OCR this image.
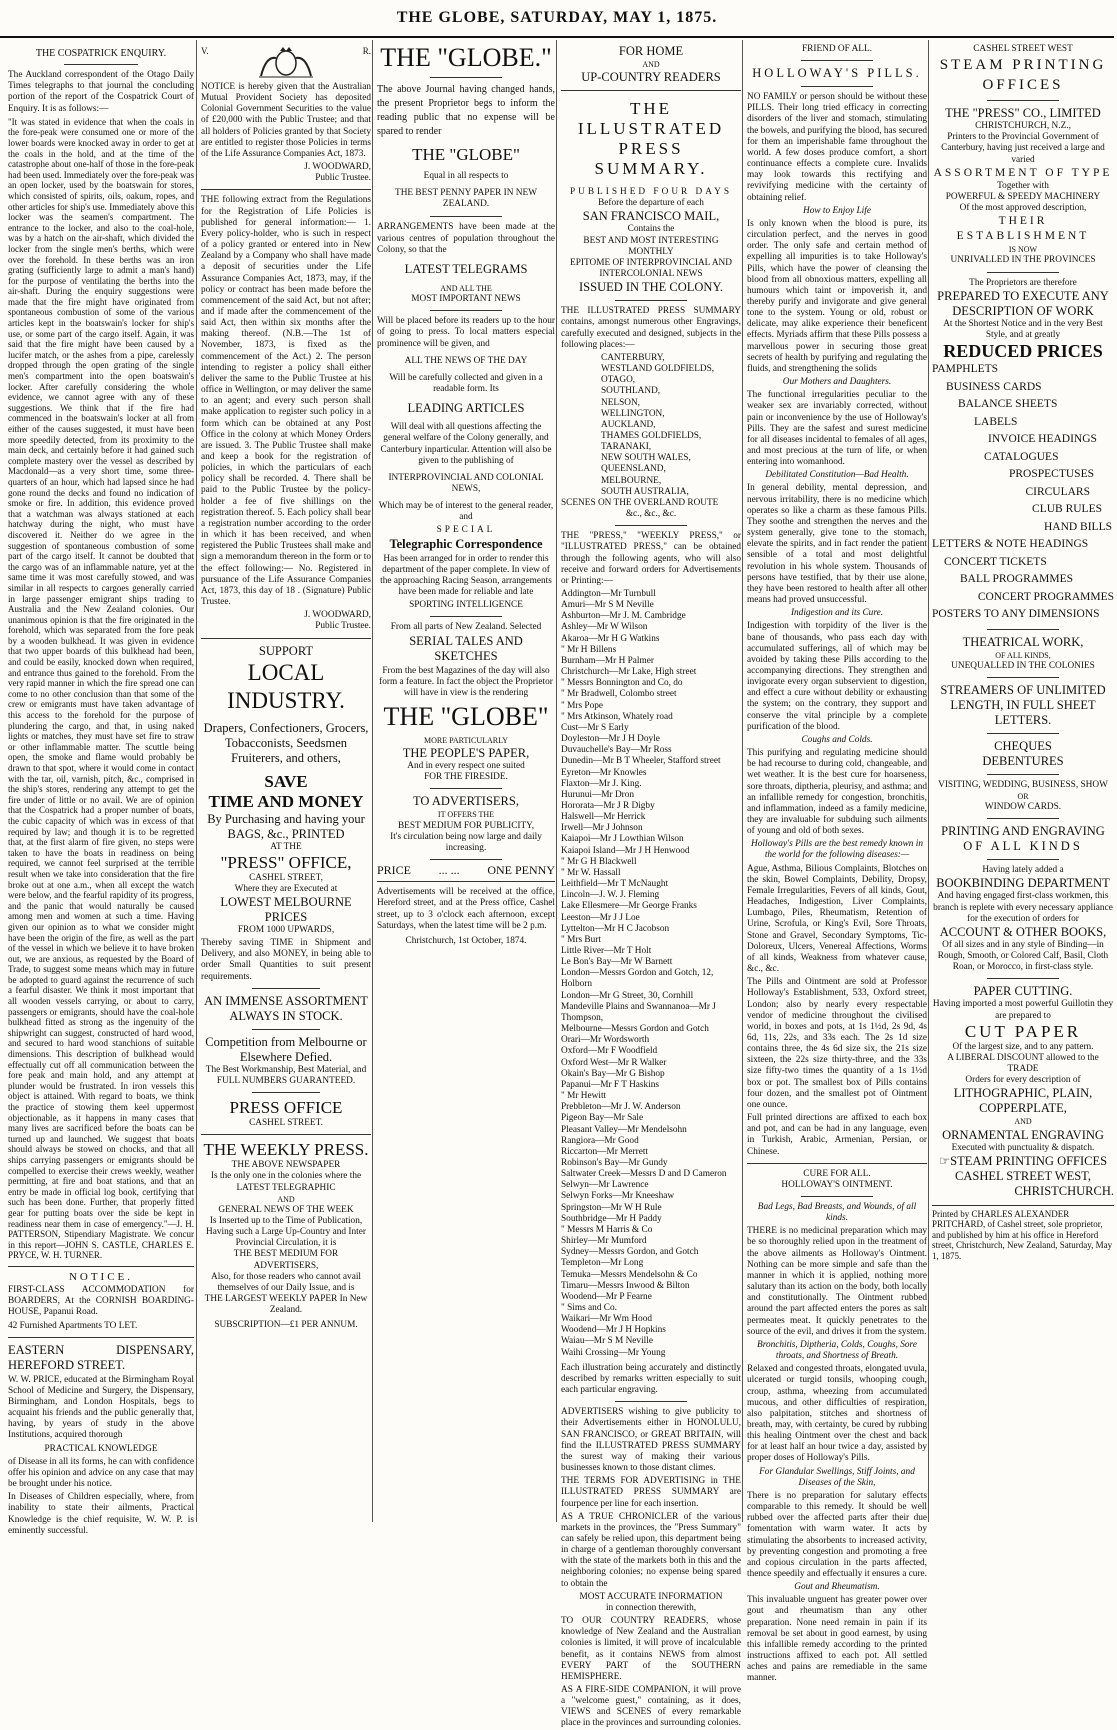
THE GLOBE, SATURDAY, MAY 1, 1875.
THE COSPATRICK ENQUIRY.

The Auckland correspondent of the Otago Daily Times telegraphs to that journal the concluding portion of the report of the Cospatrick Court of Enquiry. It is as follows:—

"It was stated in evidence that when the coals in the fore-peak were consumed one or more of the lower boards were knocked away in order to get at the coals in the hold, and at the time of the catastrophe about one-half of those in the fore-peak had been used. Immediately over the fore-peak was an open locker, used by the boatswain for stores, which consisted of spirits, oils, oakum, ropes, and other articles for ship's use. Immediately above this locker was the seamen's compartment. The entrance to the locker, and also to the coal-hole, was by a hatch on the air-shaft, which divided the locker from the single men's berths, which were over the forehold. In these berths was an iron grating (sufficiently large to admit a man's hand) for the purpose of ventilating the berths into the air-shaft. During the enquiry suggestions were made that the fire might have originated from spontaneous combustion of some of the various articles kept in the boatswain's locker for ship's use, or some part of the cargo itself. Again, it was said that the fire might have been caused by a lucifer match, or the ashes from a pipe, carelessly dropped through the open grating of the single men's compartment into the open boatswain's locker. After carefully considering the whole evidence, we cannot agree with any of these suggestions. We think that if the fire had commenced in the boatswain's locker at all from either of the causes suggested, it must have been more speedily detected, from its proximity to the main deck, and certainly before it had gained such complete mastery over the vessel as described by Macdonald—as a very short time, some three-quarters of an hour, which had lapsed since he had gone round the decks and found no indication of smoke or fire. In addition, this evidence proved that a watchman was always stationed at each hatchway during the night, who must have discovered it. Neither do we agree in the suggestion of spontaneous combustion of some part of the cargo itself. It cannot be doubted that the cargo was of an inflammable nature, yet at the same time it was most carefully stowed, and was similar in all respects to cargoes generally carried in large passenger emigrant ships trading to Australia and the New Zealand colonies. Our unanimous opinion is that the fire originated in the forehold, which was separated from the fore peak by a wooden bulkhead. It was given in evidence that two upper boards of this bulkhead had been, and could be easily, knocked down when required, and entrance thus gained to the forehold. From the very rapid manner in which the fire spread one can come to no other conclusion than that some of the crew or emigrants must have taken advantage of this access to the forehold for the purpose of plundering the cargo, and that, in using naked lights or matches, they must have set fire to straw or other inflammable matter. The scuttle being open, the smoke and flame would probably be drawn to that spot, where it would come in contact with the tar, oil, varnish, pitch, &c., comprised in the ship's stores, rendering any attempt to get the fire under of little or no avail. We are of opinion that the Cospatrick had a proper number of boats, the cubic capacity of which was in excess of that required by law; and though it is to be regretted that, at the first alarm of fire given, no steps were taken to have the boats in readiness on being required, we cannot feel surprised at the terrible result when we take into consideration that the fire broke out at one a.m., when all except the watch were below, and the fearful rapidity of its progress, and the panic that would naturally be caused among men and women at such a time. Having given our opinion as to what we consider might have been the origin of the fire, as well as the part of the vessel in which we believe it to have broken out, we are anxious, as requested by the Board of Trade, to suggest some means which may in future be adopted to guard against the recurrence of such a fearful disaster. We think it most important that all wooden vessels carrying, or about to carry, passengers or emigrants, should have the coal-hole bulkhead fitted as strong as the ingenuity of the shipwright can suggest, constructed of hard wood, and secured to hard wood stanchions of suitable dimensions. This description of bulkhead would effectually cut off all communication between the fore peak and main hold, and any attempt at plunder would be frustrated. In iron vessels this object is attained. With regard to boats, we think the practice of stowing them keel uppermost objectionable, as it happens in many cases that many lives are sacrificed before the boats can be turned up and launched. We suggest that boats should always be stowed on chocks, and that all ships carrying passengers or emigrants should be compelled to exercise their crews weekly, weather permitting, at fire and boat stations, and that an entry be made in official log book, certifying that such has been done. Further, that properly fitted gear for putting boats over the side be kept in readiness near them in case of emergency."—J. H. PATTERSON, Stipendiary Magistrate. We concur in this report—JOHN S. CASTLE, CHARLES E. PRYCE, W. H. TURNER.

NOTICE.

FIRST-CLASS ACCOMMODATION for BOARDERS, At the CORNISH BOARDING-HOUSE, Papanui Road.

42 Furnished Apartments TO LET.

EASTERN DISPENSARY, HEREFORD STREET.

W. W. PRICE, educated at the Birmingham Royal School of Medicine and Surgery, the Dispensary, Birmingham, and London Hospitals, begs to acquaint his friends and the public generally that, having, by years of study in the above Institutions, acquired thorough

PRACTICAL KNOWLEDGE

of Disease in all its forms, he can with confidence offer his opinion and advice on any case that may be brought under his notice.

In Diseases of Children especially, where, from inability to state their ailments, Practical Knowledge is the chief requisite, W. W. P. is eminently successful.

V.	R.

NOTICE is hereby given that the Australian Mutual Provident Society has deposited Colonial Government Securities to the value of £20,000 with the Public Trustee; and that all holders of Policies granted by that Society are entitled to register those Policies in terms of the Life Assurance Companies Act, 1873.

J. WOODWARD,
Public Trustee.

THE following extract from the Regulations for the Registration of Life Policies is published for general information:— 1. Every policy-holder, who is such in respect of a policy granted or entered into in New Zealand by a Company who shall have made a deposit of securities under the Life Assurance Companies Act, 1873, may, if the policy or contract has been made before the commencement of the said Act, but not after; and if made after the commencement of the said Act, then within six months after the making thereof. (N.B.—The 1st of November, 1873, is fixed as the commencement of the Act.) 2. The person intending to register a policy shall either deliver the same to the Public Trustee at his office in Wellington, or may deliver the same to an agent; and every such person shall make application to register such policy in a form which can be obtained at any Post Office in the colony at which Money Orders are issued. 3. The Public Trustee shall make and keep a book for the registration of policies, in which the particulars of each policy shall be recorded. 4. There shall be paid to the Public Trustee by the policy-holder a fee of five shillings on the registration thereof. 5. Each policy shall bear a registration number according to the order in which it has been received, and when registered the Public Trustees shall make and sign a memorandum thereon in the form or to the effect following:— No. Registered in pursuance of the Life Assurance Companies Act, 1873, this day of 18 . (Signature) Public Trustee.

J. WOODWARD,
Public Trustee.
SUPPORT
LOCAL INDUSTRY.
Drapers, Confectioners, Grocers, Tobacconists, Seedsmen Fruiterers, and others,
SAVE
TIME AND MONEY
By Purchasing and having your BAGS, &c., PRINTED
AT THE
"PRESS" OFFICE,
CASHEL STREET,
Where they are Executed at
LOWEST MELBOURNE PRICES
FROM 1000 UPWARDS,

Thereby saving TIME in Shipment and Delivery, and also MONEY, in being able to order Small Quantities to suit present requirements.

AN IMMENSE ASSORTMENT ALWAYS IN STOCK.
Competition from Melbourne or Elsewhere Defied.
The Best Workmanship, Best Material, and
FULL NUMBERS GUARANTEED.
PRESS OFFICE
CASHEL STREET.
THE WEEKLY PRESS.
THE ABOVE NEWSPAPER
Is the only one in the colonies where the
LATEST TELEGRAPHIC
AND
GENERAL NEWS OF THE WEEK
Is Inserted up to the Time of Publication,
Having such a Large Up-Country and Inter Provincial Circulation, it is
THE BEST MEDIUM FOR ADVERTISERS,
Also, for those readers who cannot avail themselves of our Daily Issue, and is
THE LARGEST WEEKLY PAPER In New Zealand.
SUBSCRIPTION—£1 PER ANNUM.
THE "GLOBE."

The above Journal having changed hands, the present Proprietor begs to inform the reading public that no expense will be spared to render

THE "GLOBE"
Equal in all respects to
THE BEST PENNY PAPER IN NEW ZEALAND.

ARRANGEMENTS have been made at the various centres of population throughout the Colony, so that the

LATEST TELEGRAMS
AND ALL THE
MOST IMPORTANT NEWS

Will be placed before its readers up to the hour of going to press. To local matters especial prominence will be given, and

ALL THE NEWS OF THE DAY

Will be carefully collected and given in a readable form. Its

LEADING ARTICLES

Will deal with all questions affecting the general welfare of the Colony generally, and Canterbury inparticular. Attention will also be given to the publishing of

INTERPROVINCIAL AND COLONIAL NEWS,

Which may be of interest to the general reader, and

SPECIAL
Telegraphic Correspondence

Has been arranged for in order to render this department of the paper complete. In view of the approaching Racing Season, arrangements have been made for reliable and late

SPORTING INTELLIGENCE
From all parts of New Zealand. Selected
SERIAL TALES AND
SKETCHES

From the best Magazines of the day will also form a feature. In fact the object the Proprietor will have in view is the rendering

THE "GLOBE"
MORE PARTICULARLY
THE PEOPLE'S PAPER,
And in every respect one suited
FOR THE FIRESIDE.
TO ADVERTISERS,
IT OFFERS THE
BEST MEDIUM FOR PUBLICITY,
It's circulation being now large and daily increasing.
PRICE ... ... ONE PENNY

Advertisements will be received at the office, Hereford street, and at the Press office, Cashel street, up to 3 o'clock each afternoon, except Saturdays, when the latest time will be 2 p.m.

Christchurch, 1st October, 1874.
FOR HOME
AND
UP-COUNTRY READERS
THE ILLUSTRATED PRESS SUMMARY.
PUBLISHED FOUR DAYS
Before the departure of each
SAN FRANCISCO MAIL,
Contains the
BEST AND MOST INTERESTING
MONTHLY
EPITOME OF INTERPROVINCIAL AND
INTERCOLONIAL NEWS
ISSUED IN THE COLONY.

THE ILLUSTRATED PRESS SUMMARY contains, amongst numerous other Engravings, carefully executed and designed, subjects in the following places:—

CANTERBURY,
WESTLAND GOLDFIELDS,
OTAGO,
SOUTHLAND,
NELSON,
WELLINGTON,
AUCKLAND,
THAMES GOLDFIELDS,
TARANAKI,
NEW SOUTH WALES,
QUEENSLAND,
MELBOURNE,
SOUTH AUSTRALIA,
SCENES ON THE OVERLAND ROUTE
&c., &c., &c.

THE "PRESS," "WEEKLY PRESS," or "ILLUSTRATED PRESS," can be obtained through the following agents, who will also receive and forward orders for Advertisements or Printing:—

Addington—Mr Turnbull
Amuri—Mr S M Neville
Ashburton—Mr J. M. Cambridge
Ashley—Mr W Wilson
Akaroa—Mr H G Watkins
" Mr H Billens
Burnham—Mr H Palmer
Christchurch—Mr Lake, High street
" Messrs Bonnington and Co, do
" Mr Bradwell, Colombo street
" Mrs Pope
" Mrs Atkinson, Whately road
Cust—Mr S Early
Doyleston—Mr J H Doyle
Duvauchelle's Bay—Mr Ross
Dunedin—Mr B T Wheeler, Stafford street
Eyreton—Mr Knowles
Flaxton—Mr J. King.
Hurunui—Mr Dron
Hororata—Mr J R Digby
Halswell—Mr Herrick
Irwell—Mr J Johnson
Kaiapoi—Mr J Lowthian Wilson
Kaiapoi Island—Mr J H Henwood
" Mr G H Blackwell
" Mr W. Hassall
Leithfield—Mr T McNaught
Lincoln—J. W. J. Fleming
Lake Ellesmere—Mr George Franks
Leeston—Mr J J Loe
Lyttelton—Mr H C Jacobson
" Mrs Burt
Little River—Mr T Holt
Le Bon's Bay—Mr W Barnett
London—Messrs Gordon and Gotch, 12, Holborn
London—Mr G Street, 30, Cornhill
Mandeville Plains and Swannanoa—Mr J Thompson,
Melbourne—Messrs Gordon and Gotch
Orari—Mr Wordsworth
Oxford—Mr F Woodfield
Oxford West—Mr R Walker
Okain's Bay—Mr G Bishop
Papanui—Mr F T Haskins
" Mr Hewitt
Prebbleton—Mr J. W. Anderson
Pigeon Bay—Mr Sale
Pleasant Valley—Mr Mendelsohn
Rangiora—Mr Good
Riccarton—Mr Merrett
Robinson's Bay—Mr Gundy
Saltwater Creek—Messrs D and D Cameron
Selwyn—Mr Lawrence
Selwyn Forks—Mr Kneeshaw
Springston—Mr W H Rule
Southbridge—Mr H Paddy
" Messrs M Harris & Co
Shirley—Mr Mumford
Sydney—Messrs Gordon, and Gotch
Templeton—Mr Long
Temuka—Messrs Mendelsohn & Co
Timaru—Messrs Inwood & Bilton
Woodend—Mr P Fearne
" Sims and Co.
Waikari—Mr Wm Hood
Woodend—Mr J H Hopkins
Waiau—Mr S M Neville
Waihi Crossing—Mr Young

Each illustration being accurately and distinctly described by remarks written especially to suit each particular engraving.

ADVERTISERS wishing to give publicity to their Advertisements either in HONOLULU, SAN FRANCISCO, or GREAT BRITAIN, will find the ILLUSTRATED PRESS SUMMARY the surest way of making their various businesses known to those distant climes.

THE TERMS FOR ADVERTISING in THE ILLUSTRATED PRESS SUMMARY are fourpence per line for each insertion.

AS A TRUE CHRONICLER of the various markets in the provinces, the "Press Summary" can safely be relied upon, this department being in charge of a gentleman thoroughly conversant with the state of the markets both in this and the neighboring colonies; no expense being spared to obtain the

MOST ACCURATE INFORMATION
in connection therewith,

TO OUR COUNTRY READERS, whose knowledge of New Zealand and the Australian colonies is limited, it will prove of incalculable benefit, as it contains NEWS from almost EVERY PART of the SOUTHERN HEMISPHERE.

AS A FIRE-SIDE COMPANION, it will prove a "welcome guest," containing, as it does, VIEWS and SCENES of every remarkable place in the provinces and surrounding colonies.

FRIEND OF ALL.
HOLLOWAY'S PILLS.

NO FAMILY or person should be without these PILLS. Their long tried efficacy in correcting disorders of the liver and stomach, stimulating the bowels, and purifying the blood, has secured for them an imperishable fame throughout the world. A few doses produce comfort, a short continuance effects a complete cure. Invalids may look towards this rectifying and revivifying medicine with the certainty of obtaining relief.

How to Enjoy Life

Is only known when the blood is pure, its circulation perfect, and the nerves in good order. The only safe and certain method of expelling all impurities is to take Holloway's Pills, which have the power of cleansing the blood from all obnoxious matters, expelling all humours which taint or impoverish it, and thereby purify and invigorate and give general tone to the system. Young or old, robust or delicate, may alike experience their beneficent effects. Myriads affirm that these Pills possess a marvellous power in securing those great secrets of health by purifying and regulating the fluids, and strengthening the solids

Our Mothers and Daughters.

The functional irregularities peculiar to the weaker sex are invariably corrected, without pain or inconvenience by the use of Holloway's Pills. They are the safest and surest medicine for all diseases incidental to females of all ages, and most precious at the turn of life, or when entering into womanhood.

Debilitated Constitution—Bad Health.

In general debility, mental depression, and nervous irritability, there is no medicine which operates so like a charm as these famous Pills. They soothe and strengthen the nerves and the system generally, give tone to the stomach, elevate the spirits, and in fact render the patient sensible of a total and most delightful revolution in his whole system. Thousands of persons have testified, that by their use alone, they have been restored to health after all other means had proved unsuccessful.

Indigestion and its Cure.

Indigestion with torpidity of the liver is the bane of thousands, who pass each day with accumulated sufferings, all of which may be avoided by taking these Pills according to the accompanying directions. They strengthen and invigorate every organ subservient to digestion, and effect a cure without debility or exhausting the system; on the contrary, they support and conserve the vital principle by a complete purification of the blood.

Coughs and Colds.

This purifying and regulating medicine should be had recourse to during cold, changeable, and wet weather. It is the best cure for hoarseness, sore throats, diptheria, pleurisy, and asthma; and an infallible remedy for congestion, bronchitis, and inflammation, indeed as a family medicine, they are invaluable for subduing such ailments of young and old of both sexes.

Holloway's Pills are the best remedy known in the world for the following diseases:—

Ague, Asthma, Bilious Complaints, Blotches on the skin, Bowel Complaints, Debility, Dropsy, Female Irregularities, Fevers of all kinds, Gout, Headaches, Indigestion, Liver Complaints, Lumbago, Piles, Rheumatism, Retention of Urine, Scrofula, or King's Evil, Sore Throats, Stone and Gravel, Secondary Symptoms, Tic-Doloreux, Ulcers, Venereal Affections, Worms of all kinds, Weakness from whatever cause, &c., &c.

The Pills and Ointment are sold at Professor Holloway's Establishment, 533, Oxford street, London; also by nearly every respectable vendor of medicine throughout the civilised world, in boxes and pots, at 1s 1½d, 2s 9d, 4s 6d, 11s, 22s, and 33s each. The 2s 1d size contains three, the 4s 6d size six, the 21s size sixteen, the 22s size thirty-three, and the 33s size fifty-two times the quantity of a 1s 1½d box or pot. The smallest box of Pills contains four dozen, and the smallest pot of Ointment one ounce.

Full printed directions are affixed to each box and pot, and can be had in any language, even in Turkish, Arabic, Armenian, Persian, or Chinese.

CURE FOR ALL.
HOLLOWAY'S OINTMENT.
Bad Legs, Bad Breasts, and Wounds, of all kinds.

THERE is no medicinal preparation which may be so thoroughly relied upon in the treatment of the above ailments as Holloway's Ointment. Nothing can be more simple and safe than the manner in which it is applied, nothing more salutary than its action on the body, both locally and constitutionally. The Ointment rubbed around the part affected enters the pores as salt permeates meat. It quickly penetrates to the source of the evil, and drives it from the system.

Bronchitis, Diptheria, Colds, Coughs, Sore throats, and Shortness of Breath.

Relaxed and congested throats, elongated uvula, ulcerated or turgid tonsils, whooping cough, croup, asthma, wheezing from accumulated mucous, and other difficulties of respiration, also palpitation, stitches and shortness of breath, may, with certainty, be cured by rubbing this healing Ointment over the chest and back for at least half an hour twice a day, assisted by proper doses of Holloway's Pills.

For Glandular Swellings, Stiff Joints, and Diseases of the Skin,

There is no preparation for salutary effects comparable to this remedy. It should be well rubbed over the affected parts after their due fomentation with warm water. It acts by stimulating the absorbents to increased activity, by preventing congestion and promoting a free and copious circulation in the parts affected, thence speedily and effectually it ensures a cure.

Gout and Rheumatism.

This invaluable unguent has greater power over gout and rheumatism than any other preparation. None need remain in pain if its removal be set about in good earnest, by using this infallible remedy according to the printed instructions affixed to each pot. All settled aches and pains are remediable in the same manner.

CASHEL STREET WEST
STEAM PRINTING OFFICES
THE "PRESS" CO., LIMITED
CHRISTCHURCH, N.Z.,
Printers to the Provincial Government of Canterbury, having just received a large and varied
ASSORTMENT OF TYPE
Together with
POWERFUL & SPEEDY MACHINERY
Of the most approved description,
THEIR ESTABLISHMENT
IS NOW
UNRIVALLED IN THE PROVINCES
The Proprietors are therefore
PREPARED TO EXECUTE ANY
DESCRIPTION OF WORK
At the Shortest Notice and in the very Best Style, and at greatly
REDUCED PRICES
PAMPHLETS
BUSINESS CARDS
BALANCE SHEETS
LABELS
INVOICE HEADINGS
CATALOGUES
PROSPECTUSES
CIRCULARS
CLUB RULES
HAND BILLS
LETTERS & NOTE HEADINGS
CONCERT TICKETS
BALL PROGRAMMES
CONCERT PROGRAMMES
POSTERS TO ANY DIMENSIONS
THEATRICAL WORK,
OF ALL KINDS,
UNEQUALLED IN THE COLONIES
STREAMERS OF UNLIMITED
LENGTH, IN FULL SHEET
LETTERS.
CHEQUES
DEBENTURES
VISITING, WEDDING, BUSINESS, SHOW
OR
WINDOW CARDS.
PRINTING AND ENGRAVING
OF ALL KINDS
Having lately added a
BOOKBINDING DEPARTMENT
And having engaged first-class workmen, this branch is replete with every necessary appliance for the execution of orders for
ACCOUNT & OTHER BOOKS,
Of all sizes and in any style of Binding—in Rough, Smooth, or Colored Calf, Basil, Cloth Roan, or Morocco, in first-class style.
PAPER CUTTING.
Having imported a most powerful Guillotin they are prepared to
CUT PAPER
Of the largest size, and to any pattern.
A LIBERAL DISCOUNT allowed to the TRADE
Orders for every description of
LITHOGRAPHIC, PLAIN,
COPPERPLATE,
AND
ORNAMENTAL ENGRAVING
Executed with punctuality & dispatch.
☞STEAM PRINTING OFFICES
CASHEL STREET WEST,
CHRISTCHURCH.
Printed by CHARLES ALEXANDER PRITCHARD, of Cashel street, sole proprietor, and published by him at his office in Hereford street, Christchurch, New Zealand, Saturday, May 1, 1875.
